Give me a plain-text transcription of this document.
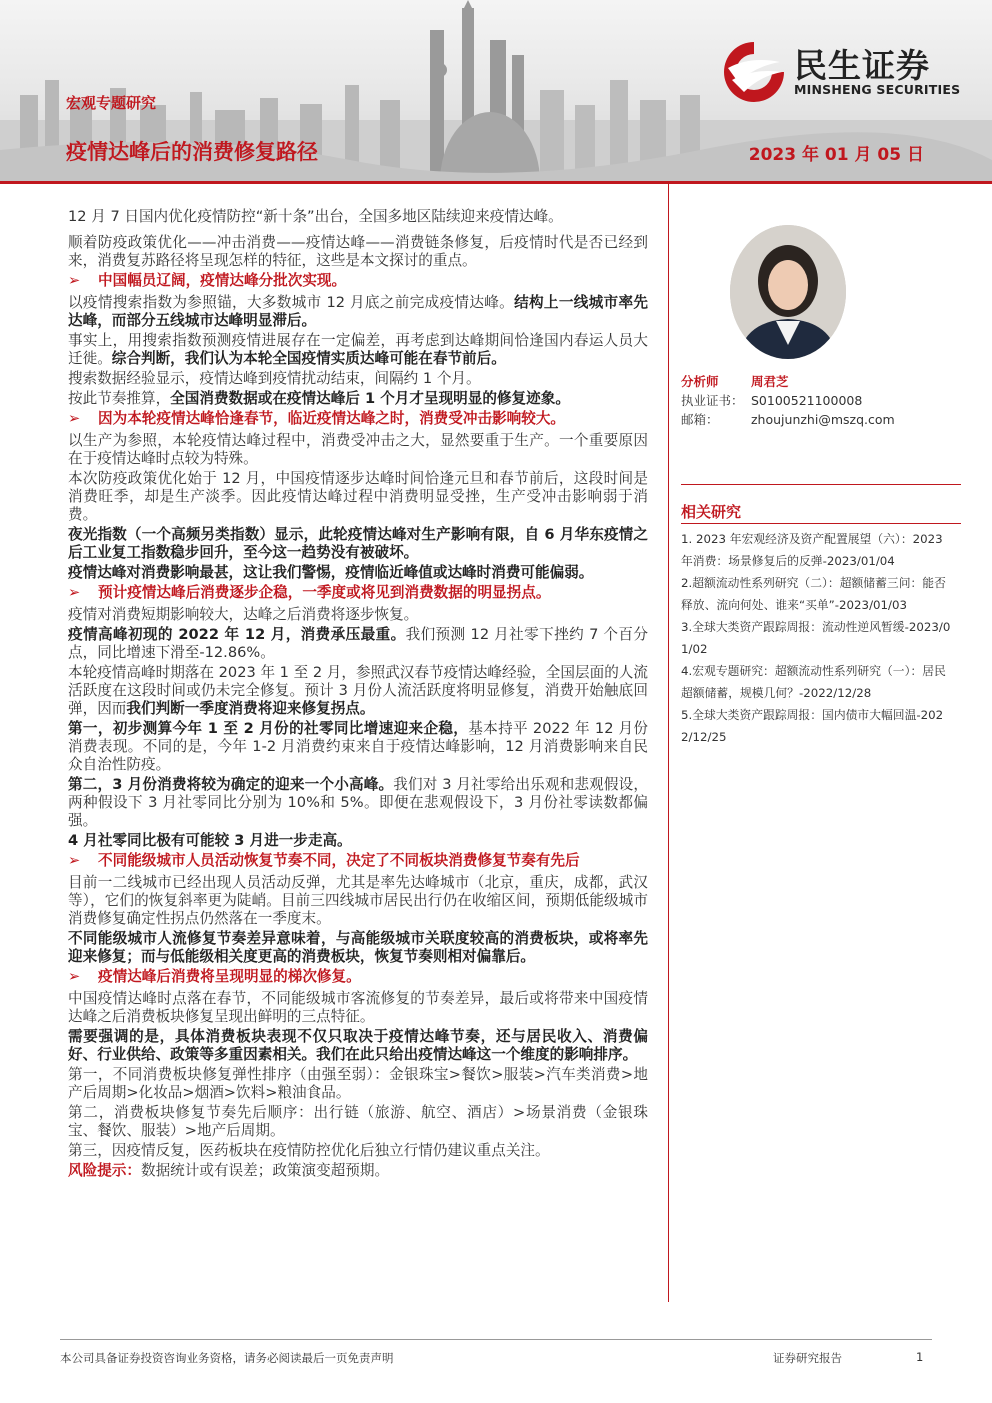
民生证券
MINSHENG SECURITIES
宏观专题研究
疫情达峰后的消费修复路径	2023 年 01 月 05 日

12 月 7 日国内优化疫情防控“新十条”出台，全国多地区陆续迎来疫情达峰。

顺着防疫政策优化——冲击消费——疫情达峰——消费链条修复，后疫情时代是否已经到来，消费复苏路径将呈现怎样的特征，这些是本文探讨的重点。

➢ 中国幅员辽阔，疫情达峰分批次实现。

以疫情搜索指数为参照锚，大多数城市 12 月底之前完成疫情达峰。结构上一线城市率先达峰，而部分五线城市达峰明显滞后。

事实上，用搜索指数预测疫情进展存在一定偏差，再考虑到达峰期间恰逢国内春运人员大迁徙。综合判断，我们认为本轮全国疫情实质达峰可能在春节前后。

搜索数据经验显示，疫情达峰到疫情扰动结束，间隔约 1 个月。

按此节奏推算，全国消费数据或在疫情达峰后 1 个月才呈现明显的修复迹象。

➢ 因为本轮疫情达峰恰逢春节，临近疫情达峰之时，消费受冲击影响较大。

以生产为参照，本轮疫情达峰过程中，消费受冲击之大，显然要重于生产。一个重要原因在于疫情达峰时点较为特殊。

本次防疫政策优化始于 12 月，中国疫情逐步达峰时间恰逢元旦和春节前后，这段时间是消费旺季，却是生产淡季。因此疫情达峰过程中消费明显受挫，生产受冲击影响弱于消费。

夜光指数（一个高频另类指数）显示，此轮疫情达峰对生产影响有限，自 6 月华东疫情之后工业复工指数稳步回升，至今这一趋势没有被破坏。

疫情达峰对消费影响最甚，这让我们警惕，疫情临近峰值或达峰时消费可能偏弱。

➢ 预计疫情达峰后消费逐步企稳，一季度或将见到消费数据的明显拐点。

疫情对消费短期影响较大，达峰之后消费将逐步恢复。

疫情高峰初现的 2022 年 12 月，消费承压最重。我们预测 12 月社零下挫约 7 个百分点，同比增速下滑至-12.86%。

本轮疫情高峰时期落在 2023 年 1 至 2 月，参照武汉春节疫情达峰经验，全国层面的人流活跃度在这段时间或仍未完全修复。预计 3 月份人流活跃度将明显修复，消费开始触底回弹，因而我们判断一季度消费将迎来修复拐点。

第一，初步测算今年 1 至 2 月份的社零同比增速迎来企稳，基本持平 2022 年 12 月份消费表现。不同的是，今年 1-2 月消费约束来自于疫情达峰影响，12 月消费影响来自民众自治性防疫。

第二，3 月份消费将较为确定的迎来一个小高峰。我们对 3 月社零给出乐观和悲观假设，两种假设下 3 月社零同比分别为 10%和 5%。即便在悲观假设下，3 月份社零读数都偏强。

4 月社零同比极有可能较 3 月进一步走高。

➢ 不同能级城市人员活动恢复节奏不同，决定了不同板块消费修复节奏有先后

目前一二线城市已经出现人员活动反弹，尤其是率先达峰城市（北京，重庆，成都，武汉等），它们的恢复斜率更为陡峭。目前三四线城市居民出行仍在收缩区间，预期低能级城市消费修复确定性拐点仍然落在一季度末。

不同能级城市人流修复节奏差异意味着，与高能级城市关联度较高的消费板块，或将率先迎来修复；而与低能级相关度更高的消费板块，恢复节奏则相对偏靠后。

➢ 疫情达峰后消费将呈现明显的梯次修复。

中国疫情达峰时点落在春节，不同能级城市客流修复的节奏差异，最后或将带来中国疫情达峰之后消费板块修复呈现出鲜明的三点特征。

需要强调的是，具体消费板块表现不仅只取决于疫情达峰节奏，还与居民收入、消费偏好、行业供给、政策等多重因素相关。我们在此只给出疫情达峰这一个维度的影响排序。

第一，不同消费板块修复弹性排序（由强至弱）：金银珠宝>餐饮>服装>汽车类消费>地产后周期>化妆品>烟酒>饮料>粮油食品。

第二，消费板块修复节奏先后顺序：出行链（旅游、航空、酒店）>场景消费（金银珠宝、餐饮、服装）>地产后周期。

第三，因疫情反复，医药板块在疫情防控优化后独立行情仍建议重点关注。

风险提示：数据统计或有误差；政策演变超预期。

分析师	周君芝
执业证书： S0100521100008
邮箱：	zhoujunzhi@mszq.com
相关研究
1. 2023 年宏观经济及资产配置展望（六）：2023 年消费：场景修复后的反弹-2023/01/04
2.超额流动性系列研究（二）：超额储蓄三问：能否释放、流向何处、谁来“买单”-2023/01/03
3.全球大类资产跟踪周报：流动性逆风暂缓-2023/01/02
4.宏观专题研究：超额流动性系列研究（一）：居民超额储蓄，规模几何？-2022/12/28
5.全球大类资产跟踪周报：国内债市大幅回温-2022/12/25
本公司具备证券投资咨询业务资格，请务必阅读最后一页免责声明	证券研究报告	1
